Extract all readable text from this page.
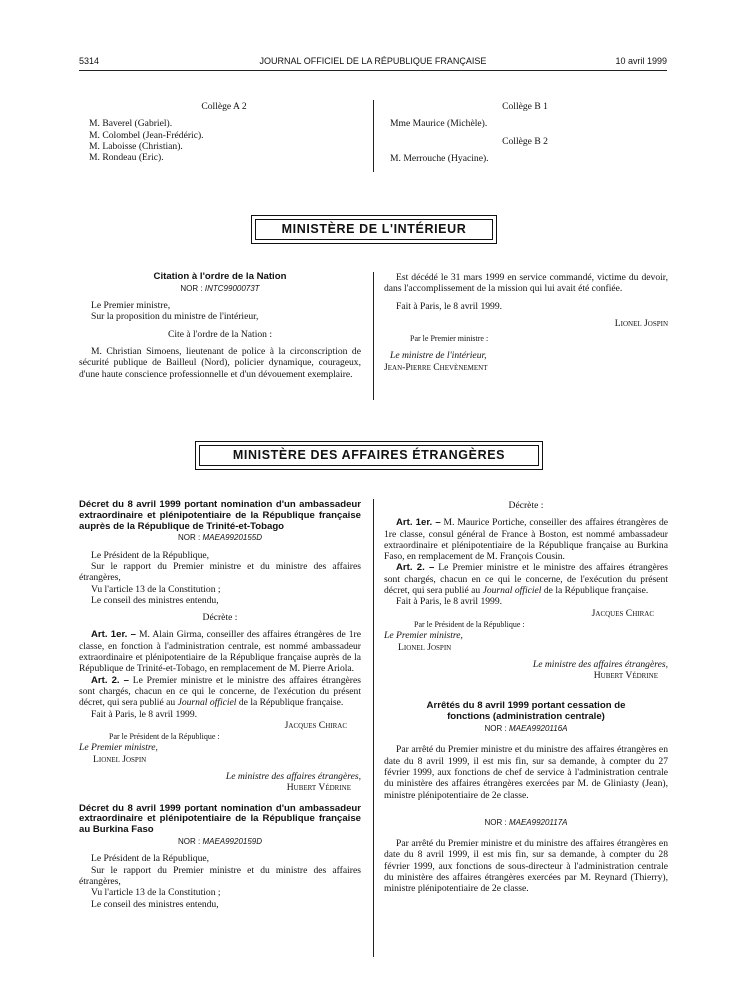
5314	JOURNAL OFFICIEL DE LA RÉPUBLIQUE FRANÇAISE	10 avril 1999

Collège A 2

M. Baverel (Gabriel).

M. Colombel (Jean-Frédéric).

M. Laboisse (Christian).

M. Rondeau (Eric).

Collège B 1

Mme Maurice (Michèle).

Collège B 2

M. Merrouche (Hyacine).

MINISTÈRE DE L'INTÉRIEUR

Citation à l'ordre de la Nation

NOR : INTC9900073T

Le Premier ministre,

Sur la proposition du ministre de l'intérieur,

Cite à l'ordre de la Nation :

M. Christian Simoens, lieutenant de police à la circonscription de sécurité publique de Bailleul (Nord), policier dynamique, courageux, d'une haute conscience professionnelle et d'un dévouement exemplaire.

Est décédé le 31 mars 1999 en service commandé, victime du devoir, dans l'accomplissement de la mission qui lui avait été confiée.

Fait à Paris, le 8 avril 1999.

Lionel Jospin

Par le Premier ministre :

Le ministre de l'intérieur,

Jean-Pierre Chevènement

MINISTÈRE DES AFFAIRES ÉTRANGÈRES

Décret du 8 avril 1999 portant nomination d'un ambassadeur extraordinaire et plénipotentiaire de la République française auprès de la République de Trinité-et-Tobago

NOR : MAEA9920155D

Le Président de la République,

Sur le rapport du Premier ministre et du ministre des affaires étrangères,

Vu l'article 13 de la Constitution ;

Le conseil des ministres entendu,

Décrète :

Art. 1er. – M. Alain Girma, conseiller des affaires étrangères de 1re classe, en fonction à l'administration centrale, est nommé ambassadeur extraordinaire et plénipotentiaire de la République française auprès de la République de Trinité-et-Tobago, en remplacement de M. Pierre Ariola.

Art. 2. – Le Premier ministre et le ministre des affaires étrangères sont chargés, chacun en ce qui le concerne, de l'exécution du présent décret, qui sera publié au Journal officiel de la République française.

Fait à Paris, le 8 avril 1999.

Jacques Chirac

Par le Président de la République :

Le Premier ministre,

Lionel Jospin

Le ministre des affaires étrangères,

Hubert Védrine

Décret du 8 avril 1999 portant nomination d'un ambassadeur extraordinaire et plénipotentiaire de la République française au Burkina Faso

NOR : MAEA9920159D

Le Président de la République,

Sur le rapport du Premier ministre et du ministre des affaires étrangères,

Vu l'article 13 de la Constitution ;

Le conseil des ministres entendu,

Décrète :

Art. 1er. – M. Maurice Portiche, conseiller des affaires étrangères de 1re classe, consul général de France à Boston, est nommé ambassadeur extraordinaire et plénipotentiaire de la République française au Burkina Faso, en remplacement de M. François Cousin.

Art. 2. – Le Premier ministre et le ministre des affaires étrangères sont chargés, chacun en ce qui le concerne, de l'exécution du présent décret, qui sera publié au Journal officiel de la République française.

Fait à Paris, le 8 avril 1999.

Jacques Chirac

Par le Président de la République :

Le Premier ministre,

Lionel Jospin

Le ministre des affaires étrangères,

Hubert Védrine

Arrêtés du 8 avril 1999 portant cessation de fonctions (administration centrale)

NOR : MAEA9920116A

Par arrêté du Premier ministre et du ministre des affaires étrangères en date du 8 avril 1999, il est mis fin, sur sa demande, à compter du 27 février 1999, aux fonctions de chef de service à l'administration centrale du ministère des affaires étrangères exercées par M. de Gliniasty (Jean), ministre plénipotentiaire de 2e classe.

NOR : MAEA9920117A

Par arrêté du Premier ministre et du ministre des affaires étrangères en date du 8 avril 1999, il est mis fin, sur sa demande, à compter du 28 février 1999, aux fonctions de sous-directeur à l'administration centrale du ministère des affaires étrangères exercées par M. Reynard (Thierry), ministre plénipotentiaire de 2e classe.
